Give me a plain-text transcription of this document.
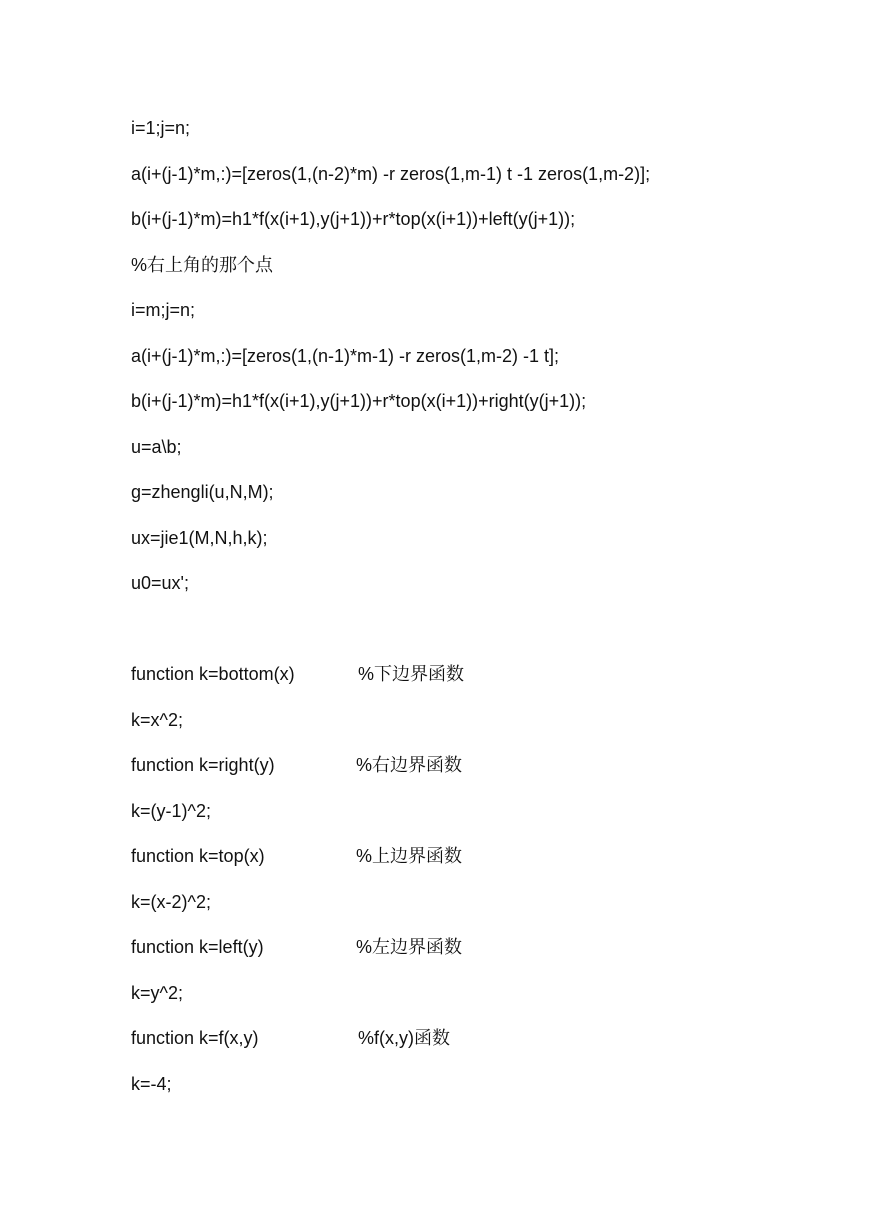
i=1;j=n;
a(i+(j-1)*m,:)=[zeros(1,(n-2)*m) -r zeros(1,m-1) t -1 zeros(1,m-2)];
b(i+(j-1)*m)=h1*f(x(i+1),y(j+1))+r*top(x(i+1))+left(y(j+1));
%右上角的那个点
i=m;j=n;
a(i+(j-1)*m,:)=[zeros(1,(n-1)*m-1) -r zeros(1,m-2) -1 t];
b(i+(j-1)*m)=h1*f(x(i+1),y(j+1))+r*top(x(i+1))+right(y(j+1));
u=a\b;
g=zhengli(u,N,M);
ux=jie1(M,N,h,k);
u0=ux';

function k=bottom(x)

	%下边界函数

k=x^2;

function k=right(y)

	%右边界函数

k=(y-1)^2;

function k=top(x)

	%上边界函数

k=(x-2)^2;

function k=left(y)

	%左边界函数

k=y^2;

function k=f(x,y)

	%f(x,y)函数

k=-4;
